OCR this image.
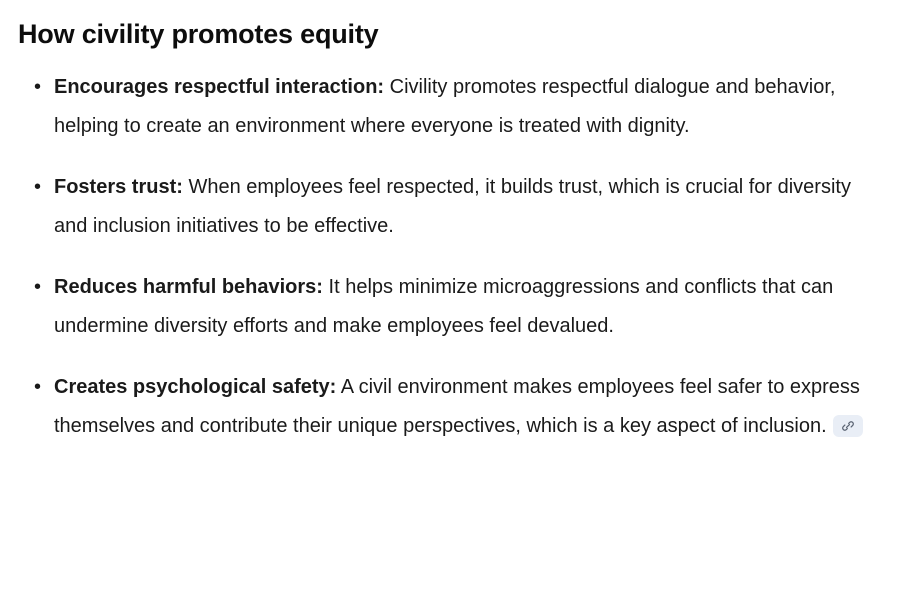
How civility promotes equity
• Encourages respectful interaction: Civility promotes respectful dialogue and behavior, helping to create an environment where everyone is treated with dignity.
• Fosters trust: When employees feel respected, it builds trust, which is crucial for diversity and inclusion initiatives to be effective.
• Reduces harmful behaviors: It helps minimize microaggressions and conflicts that can undermine diversity efforts and make employees feel devalued.
• Creates psychological safety: A civil environment makes employees feel safer to express themselves and contribute their unique perspectives, which is a key aspect of inclusion.
